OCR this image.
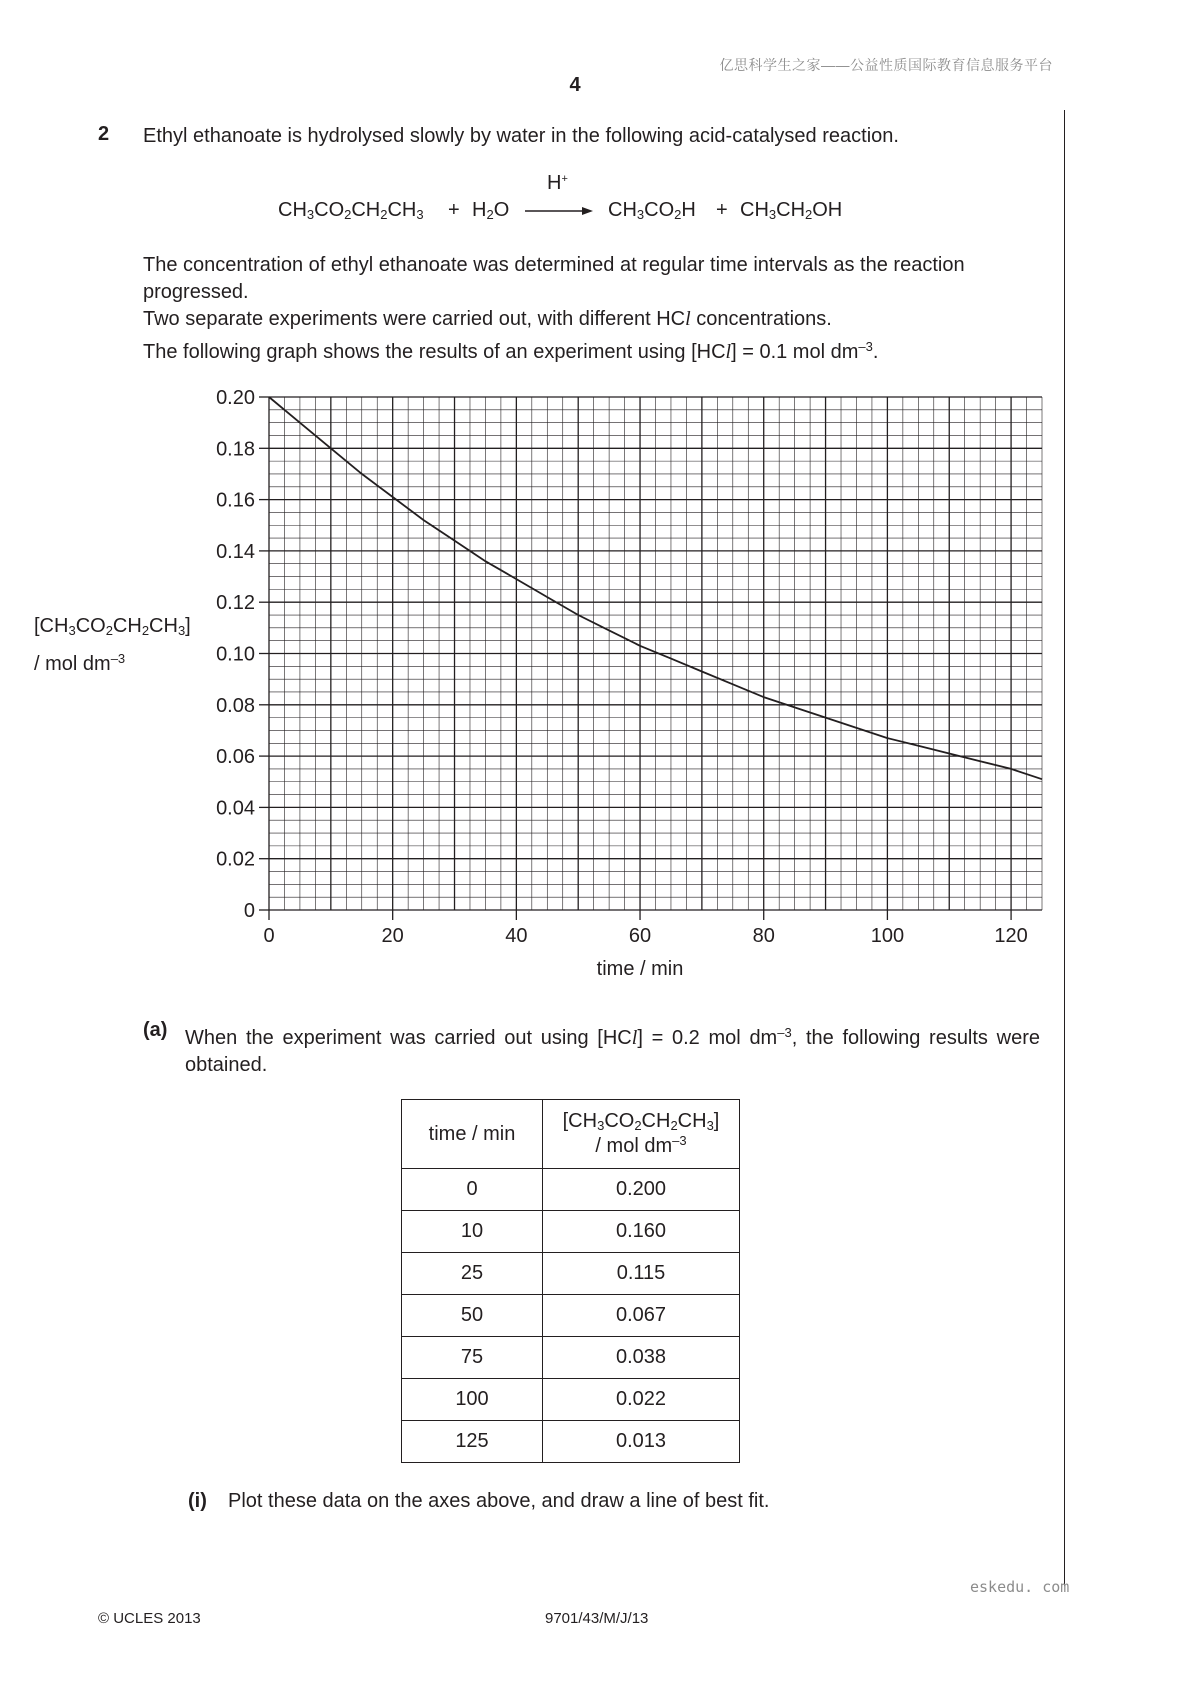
亿思科学生之家——公益性质国际教育信息服务平台
4
2 Ethyl ethanoate is hydrolysed slowly by water in the following acid-catalysed reaction.
$CH_3CO_2CH_2CH_3 + H_2O$
H+
$CH_3CO_2H + CH_3CH_2OH$

The concentration of ethyl ethanoate was determined at regular time intervals as the reaction progressed.

Two separate experiments were carried out, with different HCl concentrations.

The following graph shows the results of an experiment using [HCl] = 0.1 mol $dm^{-3}$.

0
0.02
0.04
0.06
0.08
0.10
0.12
0.14
0.16
0.18
0.20
0	20	40	60	80	100	120
$[CH_3CO_2CH_2CH_3]$
/ mol $dm^{-3}$
time / min
(a) When the experiment was carried out using [HCl] = 0.2 mol $dm^{-3}$, the following results were obtained.
time / min	$[CH_3CO_2CH_2CH_3]$
/ mol $dm^{-3}$
0	0.200
10	0.160
25	0.115
50	0.067
75	0.038
100	0.022
125	0.013
(i) Plot these data on the axes above, and draw a line of best fit.
eskedu. com
© UCLES 2013	9701/43/M/J/13
